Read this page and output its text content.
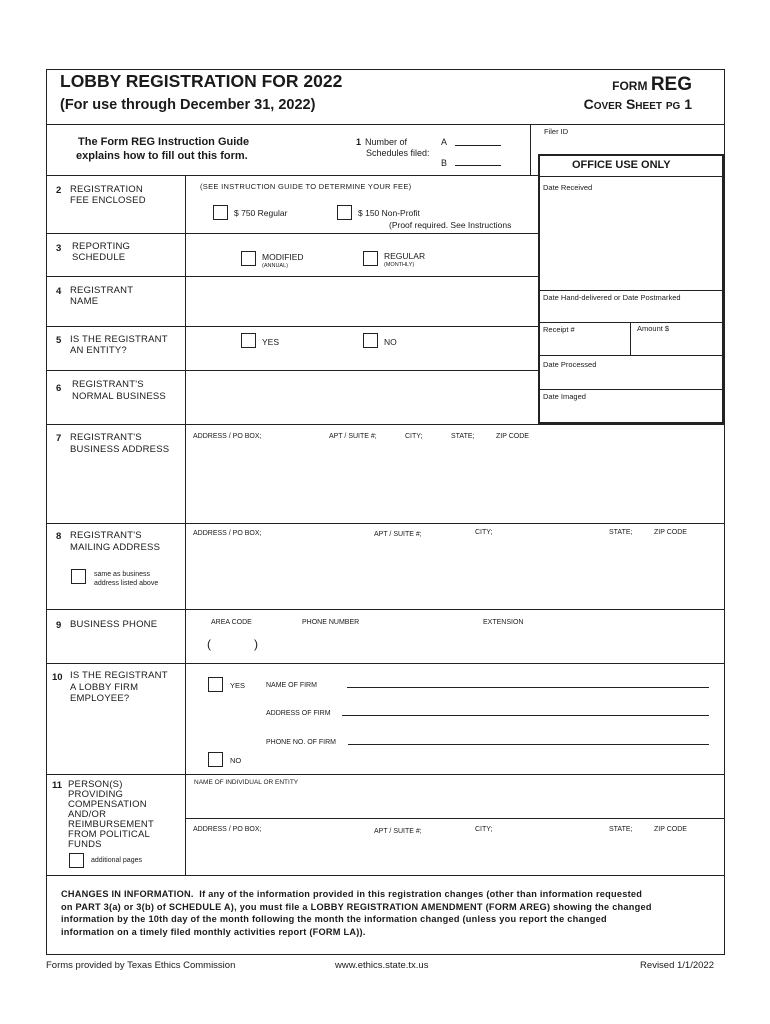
LOBBY REGISTRATION FOR 2022
(For use through December 31, 2022)
FORM REG
Cover Sheet pg 1
The Form REG Instruction Guide
explains how to fill out this form.
1 Number of
Schedules filed:
A
B
Filer ID
OFFICE USE ONLY
Date Received
Date Hand-delivered or Date Postmarked
Receipt #	Amount $
Date Processed
Date Imaged
2 REGISTRATION
FEE ENCLOSED
(SEE INSTRUCTION GUIDE TO DETERMINE YOUR FEE)
$ 750 Regular	$ 150 Non-Profit
(Proof required. See Instructions
3 REPORTING
SCHEDULE	MODIFIED
(ANNUAL)
REGULAR
(MONTHLY)
4 REGISTRANT
NAME
5 IS THE REGISTRANT
AN ENTITY?
YES	NO
6 REGISTRANT'S
NORMAL BUSINESS
7 REGISTRANT'S
BUSINESS ADDRESS
ADDRESS / PO BOX;	APT / SUITE #;	CITY;	STATE;	ZIP CODE
8 REGISTRANT'S
MAILING ADDRESS
same as business
address listed above
ADDRESS / PO BOX;	APT / SUITE #;	CITY;	STATE;	ZIP CODE
9 BUSINESS PHONE	AREA CODE	PHONE NUMBER	EXTENSION
(	)
10 IS THE REGISTRANT
A LOBBY FIRM
EMPLOYEE?
YES	NAME OF FIRM
ADDRESS OF FIRM
PHONE NO. OF FIRM
NO
11 PERSON(S)
PROVIDING
COMPENSATION
AND/OR
REIMBURSEMENT
FROM POLITICAL
FUNDS
additional pages
NAME OF INDIVIDUAL OR ENTITY
ADDRESS / PO BOX;	APT / SUITE #;	CITY;	STATE;	ZIP CODE
CHANGES IN INFORMATION. If any of the information provided in this registration changes (other than information requested
on PART 3(a) or 3(b) of SCHEDULE A), you must file a LOBBY REGISTRATION AMENDMENT (FORM AREG) showing the changed
information by the 10th day of the month following the month the information changed (unless you report the changed
information on a timely filed monthly activities report (FORM LA)).
Forms provided by Texas Ethics Commission	www.ethics.state.tx.us	Revised 1/1/2022
